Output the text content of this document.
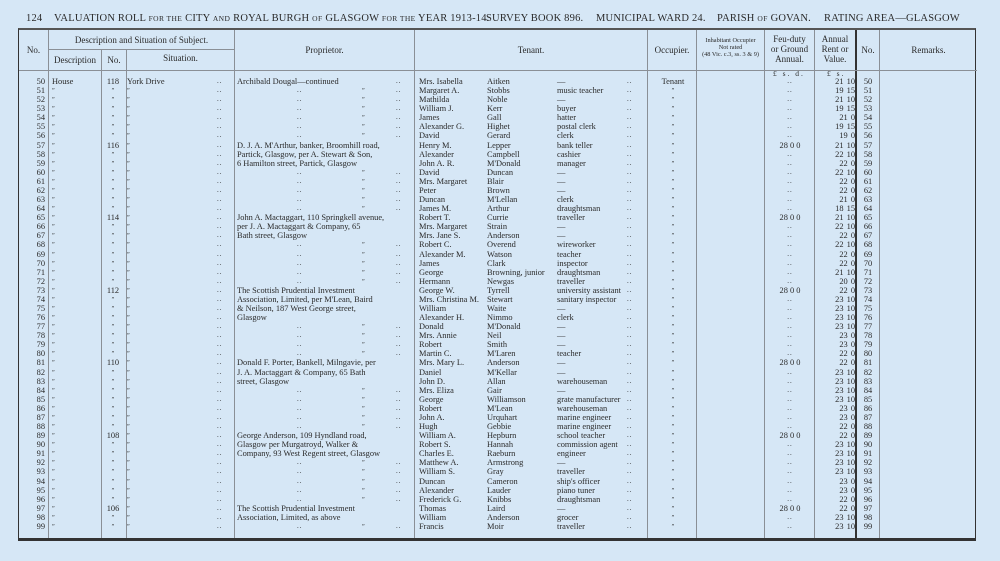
124 VALUATION ROLL FOR THE CITY AND ROYAL BURGH OF GLASGOW FOR THE YEAR 1913-14.
SURVEY BOOK 896. MUNICIPAL WARD 24. PARISH OF GOVAN. RATING AREA—GLASGOW
No.
Description and Situation of Subject.
Description	No.	Situation.
Proprietor.	Tenant.	Occupier.
Inhabitant Occupier
Not rated
(48 Vic. c.3, ss. 3 & 9)
Feu-duty
or Ground
Annual.
Annual
Rent or
Value.
No.	Remarks.
£ s. d.	£ s.
50 House	118 York Drive	.. Archibald Dougal—continued	.. Mrs. Isabella	Aitken	—	..	Tenant	..	21 10	50
51 ”	”	”	..	..	”	.. Margaret A.	Stobbs	music teacher	..	”	..	19 15	51
52 ”	”	”	..	..	”	.. Mathilda	Noble	—	..	”	..	21 10	52
53 ”	”	”	..	..	”	.. William J.	Kerr	buyer	..	”	..	19 15	53
54 ”	”	”	..	..	”	.. James	Gall	hatter	..	”	..	21 0	54
55 ”	”	”	..	..	”	.. Alexander G.	Highet	postal clerk	..	”	..	19 15	55
56 ”	”	”	..	..	”	.. David	Gerard	clerk	..	”	..	19 0	56
57 ”	116	”	.. D. J. A. M'Arthur, banker, Broomhill road,	Henry M.	Lepper	bank teller	..	”	28 0 0	21 10	57
58 ”	”	”	.. Partick, Glasgow, per A. Stewart & Son,	Alexander	Campbell	cashier	..	”	..	22 10	58
59 ”	”	”	.. 6 Hamilton street, Partick, Glasgow	John A. R.	M'Donald	manager	..	”	..	22 0	59
60 ”	”	”	..	..	”	.. David	Duncan	—	..	”	..	22 10	60
61 ”	”	”	..	..	”	.. Mrs. Margaret Blair	—	..	”	..	22 0	61
62 ”	”	”	..	..	”	.. Peter	Brown	—	..	”	..	22 0	62
63 ”	”	”	..	..	”	.. Duncan	M'Lellan	clerk	..	”	..	21 0	63
64 ”	”	”	..	..	”	.. James M.	Arthur	draughtsman	..	”	..	18 15	64
65 ”	114	”	.. John A. Mactaggart, 110 Springkell avenue,	Robert T.	Currie	traveller	..	”	28 0 0	21 10	65
66 ”	”	”	.. per J. A. Mactaggart & Company, 65	Mrs. Margaret Strain	—	..	”	..	22 10	66
67 ”	”	”	.. Bath street, Glasgow	Mrs. Jane S.	Anderson	—	..	”	..	22 0	67
68 ”	”	”	..	..	”	.. Robert C.	Overend	wireworker	..	”	..	22 10	68
69 ”	”	”	..	..	”	.. Alexander M.	Watson	teacher	..	”	..	22 0	69
70 ”	”	”	..	..	”	.. James	Clark	inspector	..	”	..	22 0	70
71 ”	”	”	..	..	”	.. George	Browning, junior draughtsman	..	”	..	21 10	71
72 ”	”	”	..	..	”	.. Hermann	Newgas	traveller	..	”	..	20 0	72
73 ”	112	”	.. The Scottish Prudential Investment	George W.	Tyrrell	university assistant ..	”	28 0 0	22 0	73
74 ”	”	”	.. Association, Limited, per M'Lean, Baird	Mrs. Christina M. Stewart	sanitary inspector ..	”	..	23 10	74
75 ”	”	”	.. & Neilson, 187 West George street,	William	Waite	—	..	”	..	23 10	75
76 ”	”	”	.. Glasgow	Alexander H.	Nimmo	clerk	..	”	..	23 10	76
77 ”	”	”	..	..	”	.. Donald	M'Donald	—	..	”	..	23 10	77
78 ”	”	”	..	..	”	.. Mrs. Annie	Neil	—	..	”	..	23 0	78
79 ”	”	”	..	..	”	.. Robert	Smith	—	..	”	..	23 0	79
80 ”	”	”	..	..	”	.. Martin C.	M'Laren	teacher	..	”	..	22 0	80
81 ”	110	”	.. Donald F. Porter, Bankell, Milngavie, per	Mrs. Mary L.	Anderson	—	..	”	28 0 0	22 0	81
82 ”	”	”	.. J. A. Mactaggart & Company, 65 Bath	Daniel	M'Kellar	—	..	”	..	23 10	82
83 ”	”	”	.. street, Glasgow	John D.	Allan	warehouseman	..	”	..	23 10	83
84 ”	”	”	..	..	”	.. Mrs. Eliza	Gair	—	..	”	..	23 10	84
85 ”	”	”	..	..	”	.. George	Williamson	grate manufacturer ..	”	..	23 10	85
86 ”	”	”	..	..	”	.. Robert	M'Lean	warehouseman	..	”	..	23 0	86
87 ”	”	”	..	..	”	.. John A.	Urquhart	marine engineer ..	”	..	23 0	87
88 ”	”	”	..	..	”	.. Hugh	Gebbie	marine engineer ..	”	..	22 0	88
89 ”	108	”	.. George Anderson, 109 Hyndland road,	William A.	Hepburn	school teacher	..	”	28 0 0	22 0	89
90 ”	”	”	.. Glasgow per Murgatroyd, Walker &	Robert S.	Hannah	commission agent ..	”	..	23 10	90
91 ”	”	”	.. Company, 93 West Regent street, Glasgow	Charles E.	Raeburn	engineer	..	”	..	23 10	91
92 ”	”	”	..	..	”	.. Matthew A.	Armstrong	—	..	”	..	23 10	92
93 ”	”	”	..	..	”	.. William S.	Gray	traveller	..	”	..	23 10	93
94 ”	”	”	..	..	”	.. Duncan	Cameron	ship's officer	..	”	..	23 0	94
95 ”	”	”	..	..	”	.. Alexander	Lauder	piano tuner	..	”	..	23 0	95
96 ”	”	”	..	..	”	.. Frederick G.	Knibbs	draughtsman	..	”	..	22 0	96
97 ”	106	”	.. The Scottish Prudential Investment	Thomas	Laird	—	..	”	28 0 0	22 0	97
98 ”	”	”	.. Association, Limited, as above	William	Anderson	grocer	..	”	..	23 10	98
99 ”	”	”	..	..	”	.. Francis	Moir	traveller	..	”	..	23 10	99
